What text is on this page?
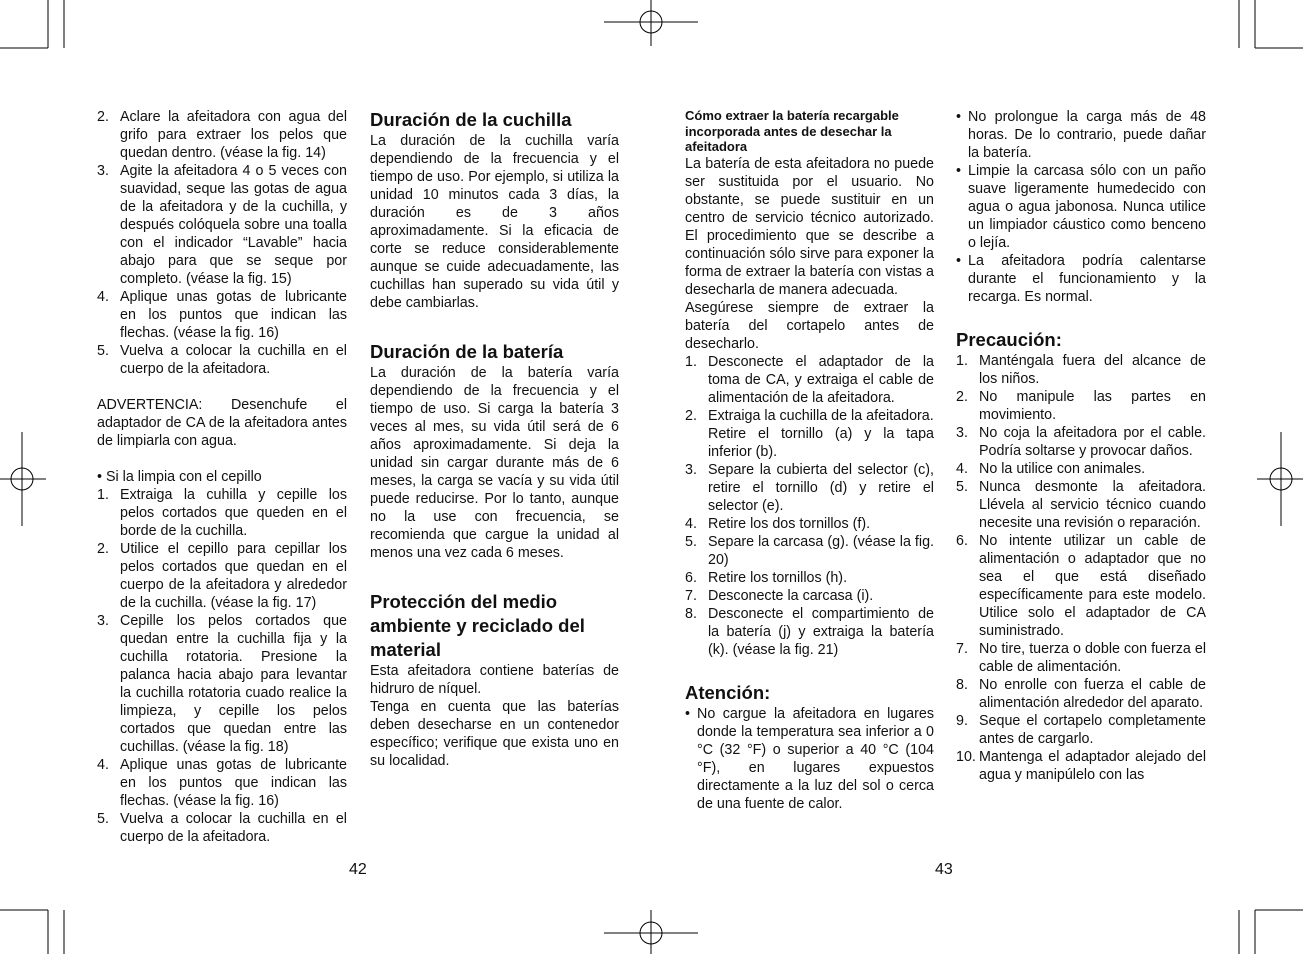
2. Aclare la afeitadora con agua del grifo para extraer los pelos que quedan dentro. (véase la fig. 14)
3. Agite la afeitadora 4 o 5 veces con suavidad, seque las gotas de agua de la afeitadora y de la cuchilla, y después colóquela sobre una toalla con el indicador “Lavable” hacia abajo para que se seque por completo. (véase la fig. 15)
4. Aplique unas gotas de lubricante en los puntos que indican las flechas. (véase la fig. 16)
5. Vuelva a colocar la cuchilla en el cuerpo de la afeitadora.

ADVERTENCIA: Desenchufe el adaptador de CA de la afeitadora antes de limpiarla con agua.

• Si la limpia con el cepillo

1. Extraiga la cuhilla y cepille los pelos cortados que queden en el borde de la cuchilla.
2. Utilice el cepillo para cepillar los pelos cortados que quedan en el cuerpo de la afeitadora y alrededor de la cuchilla. (véase la fig. 17)
3. Cepille los pelos cortados que quedan entre la cuchilla fija y la cuchilla rotatoria. Presione la palanca hacia abajo para levantar la cuchilla rotatoria cuado realice la limpieza, y cepille los pelos cortados que quedan entre las cuchillas. (véase la fig. 18)
4. Aplique unas gotas de lubricante en los puntos que indican las flechas. (véase la fig. 16)
5. Vuelva a colocar la cuchilla en el cuerpo de la afeitadora.

Duración de la cuchilla

La duración de la cuchilla varía dependiendo de la frecuencia y el tiempo de uso. Por ejemplo, si utiliza la unidad 10 minutos cada 3 días, la duración es de 3 años aproximadamente. Si la eficacia de corte se reduce considerablemente aunque se cuide adecuadamente, las cuchillas han superado su vida útil y debe cambiarlas.

Duración de la batería

La duración de la batería varía dependiendo de la frecuencia y el tiempo de uso. Si carga la batería 3 veces al mes, su vida útil será de 6 años aproximadamente. Si deja la unidad sin cargar durante más de 6 meses, la carga se vacía y su vida útil puede reducirse. Por lo tanto, aunque no la use con frecuencia, se recomienda que cargue la unidad al menos una vez cada 6 meses.

Protección del medio ambiente y reciclado del material

Esta afeitadora contiene baterías de hidruro de níquel.

Tenga en cuenta que las baterías deben desecharse en un contenedor específico; verifique que exista uno en su localidad.

Cómo extraer la batería recargable incorporada antes de desechar la afeitadora

La batería de esta afeitadora no puede ser sustituida por el usuario. No obstante, se puede sustituir en un centro de servicio técnico autorizado. El procedimiento que se describe a continuación sólo sirve para exponer la forma de extraer la batería con vistas a desecharla de manera adecuada.

Asegúrese siempre de extraer la batería del cortapelo antes de desecharlo.

1. Desconecte el adaptador de la toma de CA, y extraiga el cable de alimentación de la afeitadora.
2. Extraiga la cuchilla de la afeitadora.
Retire el tornillo (a) y la tapa inferior (b).
3. Separe la cubierta del selector (c), retire el tornillo (d) y retire el selector (e).
4. Retire los dos tornillos (f).
5. Separe la carcasa (g). (véase la fig. 20)
6. Retire los tornillos (h).
7. Desconecte la carcasa (i).
8. Desconecte el compartimiento de la batería (j) y extraiga la batería (k). (véase la fig. 21)

Atención:

• No cargue la afeitadora en lugares donde la temperatura sea inferior a 0 °C (32 °F) o superior a 40 °C (104 °F), en lugares expuestos directamente a la luz del sol o cerca de una fuente de calor.
• No prolongue la carga más de 48 horas. De lo contrario, puede dañar la batería.
• Limpie la carcasa sólo con un paño suave ligeramente humedecido con agua o agua jabonosa. Nunca utilice un limpiador cáustico como benceno o lejía.
• La afeitadora podría calentarse durante el funcionamiento y la recarga. Es normal.

Precaución:

1. Manténgala fuera del alcance de los niños.
2. No manipule las partes en movimiento.
3. No coja la afeitadora por el cable. Podría soltarse y provocar daños.
4. No la utilice con animales.
5. Nunca desmonte la afeitadora. Llévela al servicio técnico cuando necesite una revisión o reparación.
6. No intente utilizar un cable de alimentación o adaptador que no sea el que está diseñado específicamente para este modelo. Utilice solo el adaptador de CA suministrado.
7. No tire, tuerza o doble con fuerza el cable de alimentación.
8. No enrolle con fuerza el cable de alimentación alrededor del aparato.
9. Seque el cortapelo completamente antes de cargarlo.
10. Mantenga el adaptador alejado del agua y manipúlelo con las
42	43
